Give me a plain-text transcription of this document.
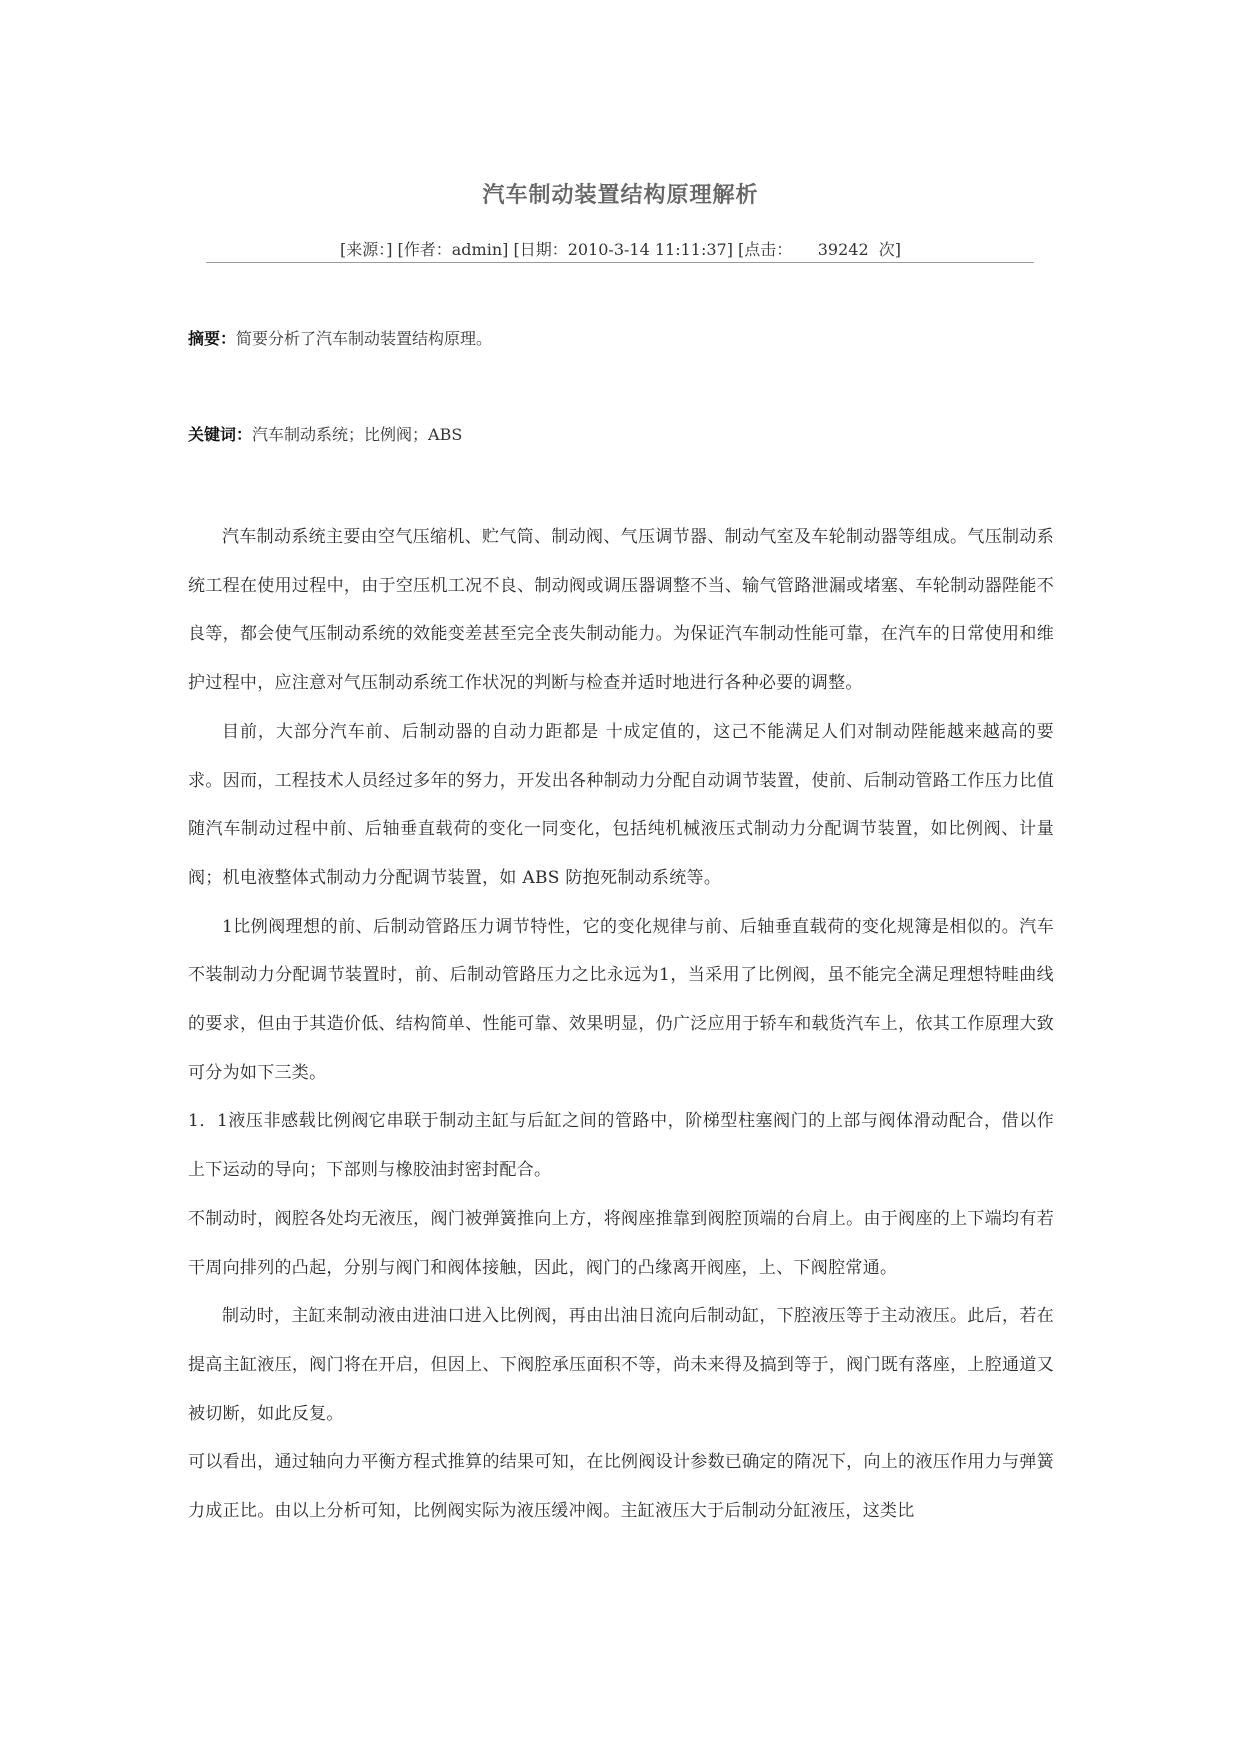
汽车制动装置结构原理解析
[来源：] [作者：admin] [日期：2010-3-14 11:11:37] [点击：     39242  次]
摘要：简要分析了汽车制动装置结构原理。
关键词：汽车制动系统；比例阀；ABS

汽车制动系统主要由空气压缩机、贮气筒、制动阀、气压调节器、制动气室及车轮制动器等组成。气压制动系统工程在使用过程中，由于空压机工况不良、制动阀或调压器调整不当、输气管路泄漏或堵塞、车轮制动器陛能不良等，都会使气压制动系统的效能变差甚至完全丧失制动能力。为保证汽车制动性能可靠，在汽车的日常使用和维护过程中，应注意对气压制动系统工作状况的判断与检查并适时地进行各种必要的调整。

目前，大部分汽车前、后制动器的自动力距都是 十成定值的，这己不能满足人们对制动陛能越来越高的要求。因而，工程技术人员经过多年的努力，开发出各种制动力分配自动调节装置，使前、后制动管路工作压力比值随汽车制动过程中前、后轴垂直载荷的变化一同变化，包括纯机械液压式制动力分配调节装置，如比例阀、计量阀；机电液整体式制动力分配调节装置，如 ABS 防抱死制动系统等。

1比例阀理想的前、后制动管路压力调节特性，它的变化规律与前、后轴垂直载荷的变化规簿是相似的。汽车不装制动力分配调节装置时，前、后制动管路压力之比永远为1，当采用了比例阀，虽不能完全满足理想特畦曲线的要求，但由于其造价低、结构简单、性能可靠、效果明显，仍广泛应用于轿车和载货汽车上，依其工作原理大致可分为如下三类。

1．1液压非感载比例阀它串联于制动主缸与后缸之间的管路中，阶梯型柱塞阀门的上部与阀体滑动配合，借以作上下运动的导向；下部则与橡胶油封密封配合。

不制动时，阀腔各处均无液压，阀门被弹簧推向上方，将阀座推靠到阀腔顶端的台肩上。由于阀座的上下端均有若干周向排列的凸起，分别与阀门和阀体接触，因此，阀门的凸缘离开阀座，上、下阀腔常通。

制动时，主缸来制动液由进油口进入比例阀，再由出油日流向后制动缸，下腔液压等于主动液压。此后，若在提高主缸液压，阀门将在开启，但因上、下阀腔承压面积不等，尚未来得及搞到等于，阀门既有落座，上腔通道又被切断，如此反复。

可以看出，通过轴向力平衡方程式推算的结果可知，在比例阀设计参数已确定的隋况下，向上的液压作用力与弹簧力成正比。由以上分析可知，比例阀实际为液压缓冲阀。主缸液压大于后制动分缸液压，这类比
